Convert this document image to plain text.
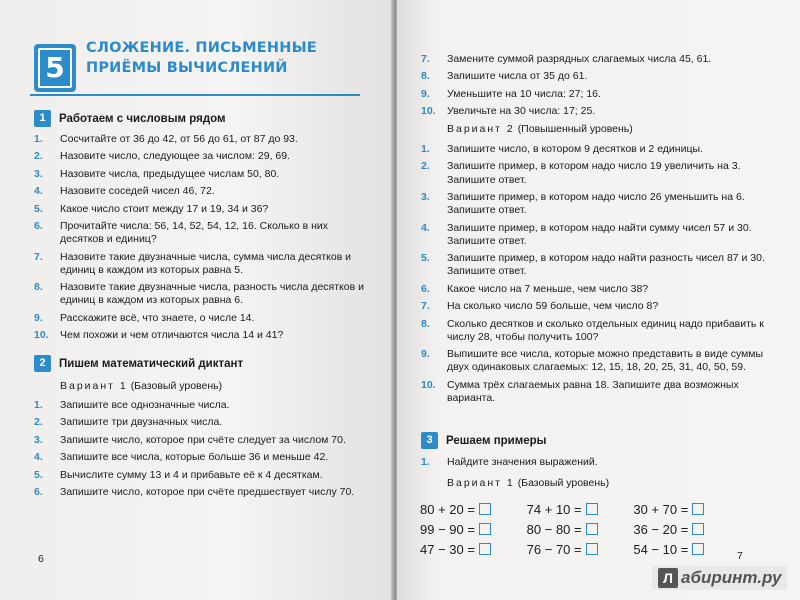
5
СЛОЖЕНИЕ. ПИСЬМЕННЫЕ
ПРИЁМЫ ВЫЧИСЛЕНИЙ
1	Работаем с числовым рядом
1. Сосчитайте от 36 до 42, от 56 до 61, от 87 до 93.
2. Назовите число, следующее за числом: 29, 69.
3. Назовите числа, предыдущее числам 50, 80.
4. Назовите соседей чисел 46, 72.
5. Какое число стоит между 17 и 19, 34 и 36?
6. Прочитайте числа: 56, 14, 52, 54, 12, 16. Сколько в них десятков и единиц?
7. Назовите такие двузначные числа, сумма числа десятков и единиц в каждом из которых равна 5.
8. Назовите такие двузначные числа, разность числа десятков и единиц в каждом из которых равна 6.
9. Расскажите всё, что знаете, о числе 14.
10. Чем похожи и чем отличаются числа 14 и 41?
2	Пишем математический диктант
Вариант 1 (Базовый уровень)
1. Запишите все однозначные числа.
2. Запишите три двузначных числа.
3. Запишите число, которое при счёте следует за числом 70.
4. Запишите все числа, которые больше 36 и меньше 42.
5. Вычислите сумму 13 и 4 и прибавьте её к 4 десяткам.
6. Запишите число, которое при счёте предшествует числу 70.
6
7. Замените суммой разрядных слагаемых числа 45, 61.
8. Запишите числа от 35 до 61.
9. Уменьшите на 10 числа: 27; 16.
10. Увеличьте на 30 числа: 17; 25.
Вариант 2 (Повышенный уровень)
1. Запишите число, в котором 9 десятков и 2 единицы.
2. Запишите пример, в котором надо число 19 увеличить на 3. Запишите ответ.
3. Запишите пример, в котором надо число 26 уменьшить на 6. Запишите ответ.
4. Запишите пример, в котором надо найти сумму чисел 57 и 30. Запишите ответ.
5. Запишите пример, в котором надо найти разность чисел 87 и 30. Запишите ответ.
6. Какое число на 7 меньше, чем число 38?
7. На сколько число 59 больше, чем число 8?
8. Сколько десятков и сколько отдельных единиц надо прибавить к числу 28, чтобы получить 100?
9. Выпишите все числа, которые можно представить в виде суммы двух одинаковых слагаемых: 12, 15, 18, 20, 25, 31, 40, 50, 59.
10. Сумма трёх слагаемых равна 18. Запишите два возможных варианта.
3	Решаем примеры
1. Найдите значения выражений.
Вариант 1 (Базовый уровень)
7
80 + 20 =	74 + 10 =	30 + 70 =
99 − 90 =	80 − 80 =	36 − 20 =
47 − 30 =	76 − 70 =	54 − 10 =
Л абиринт.ру
